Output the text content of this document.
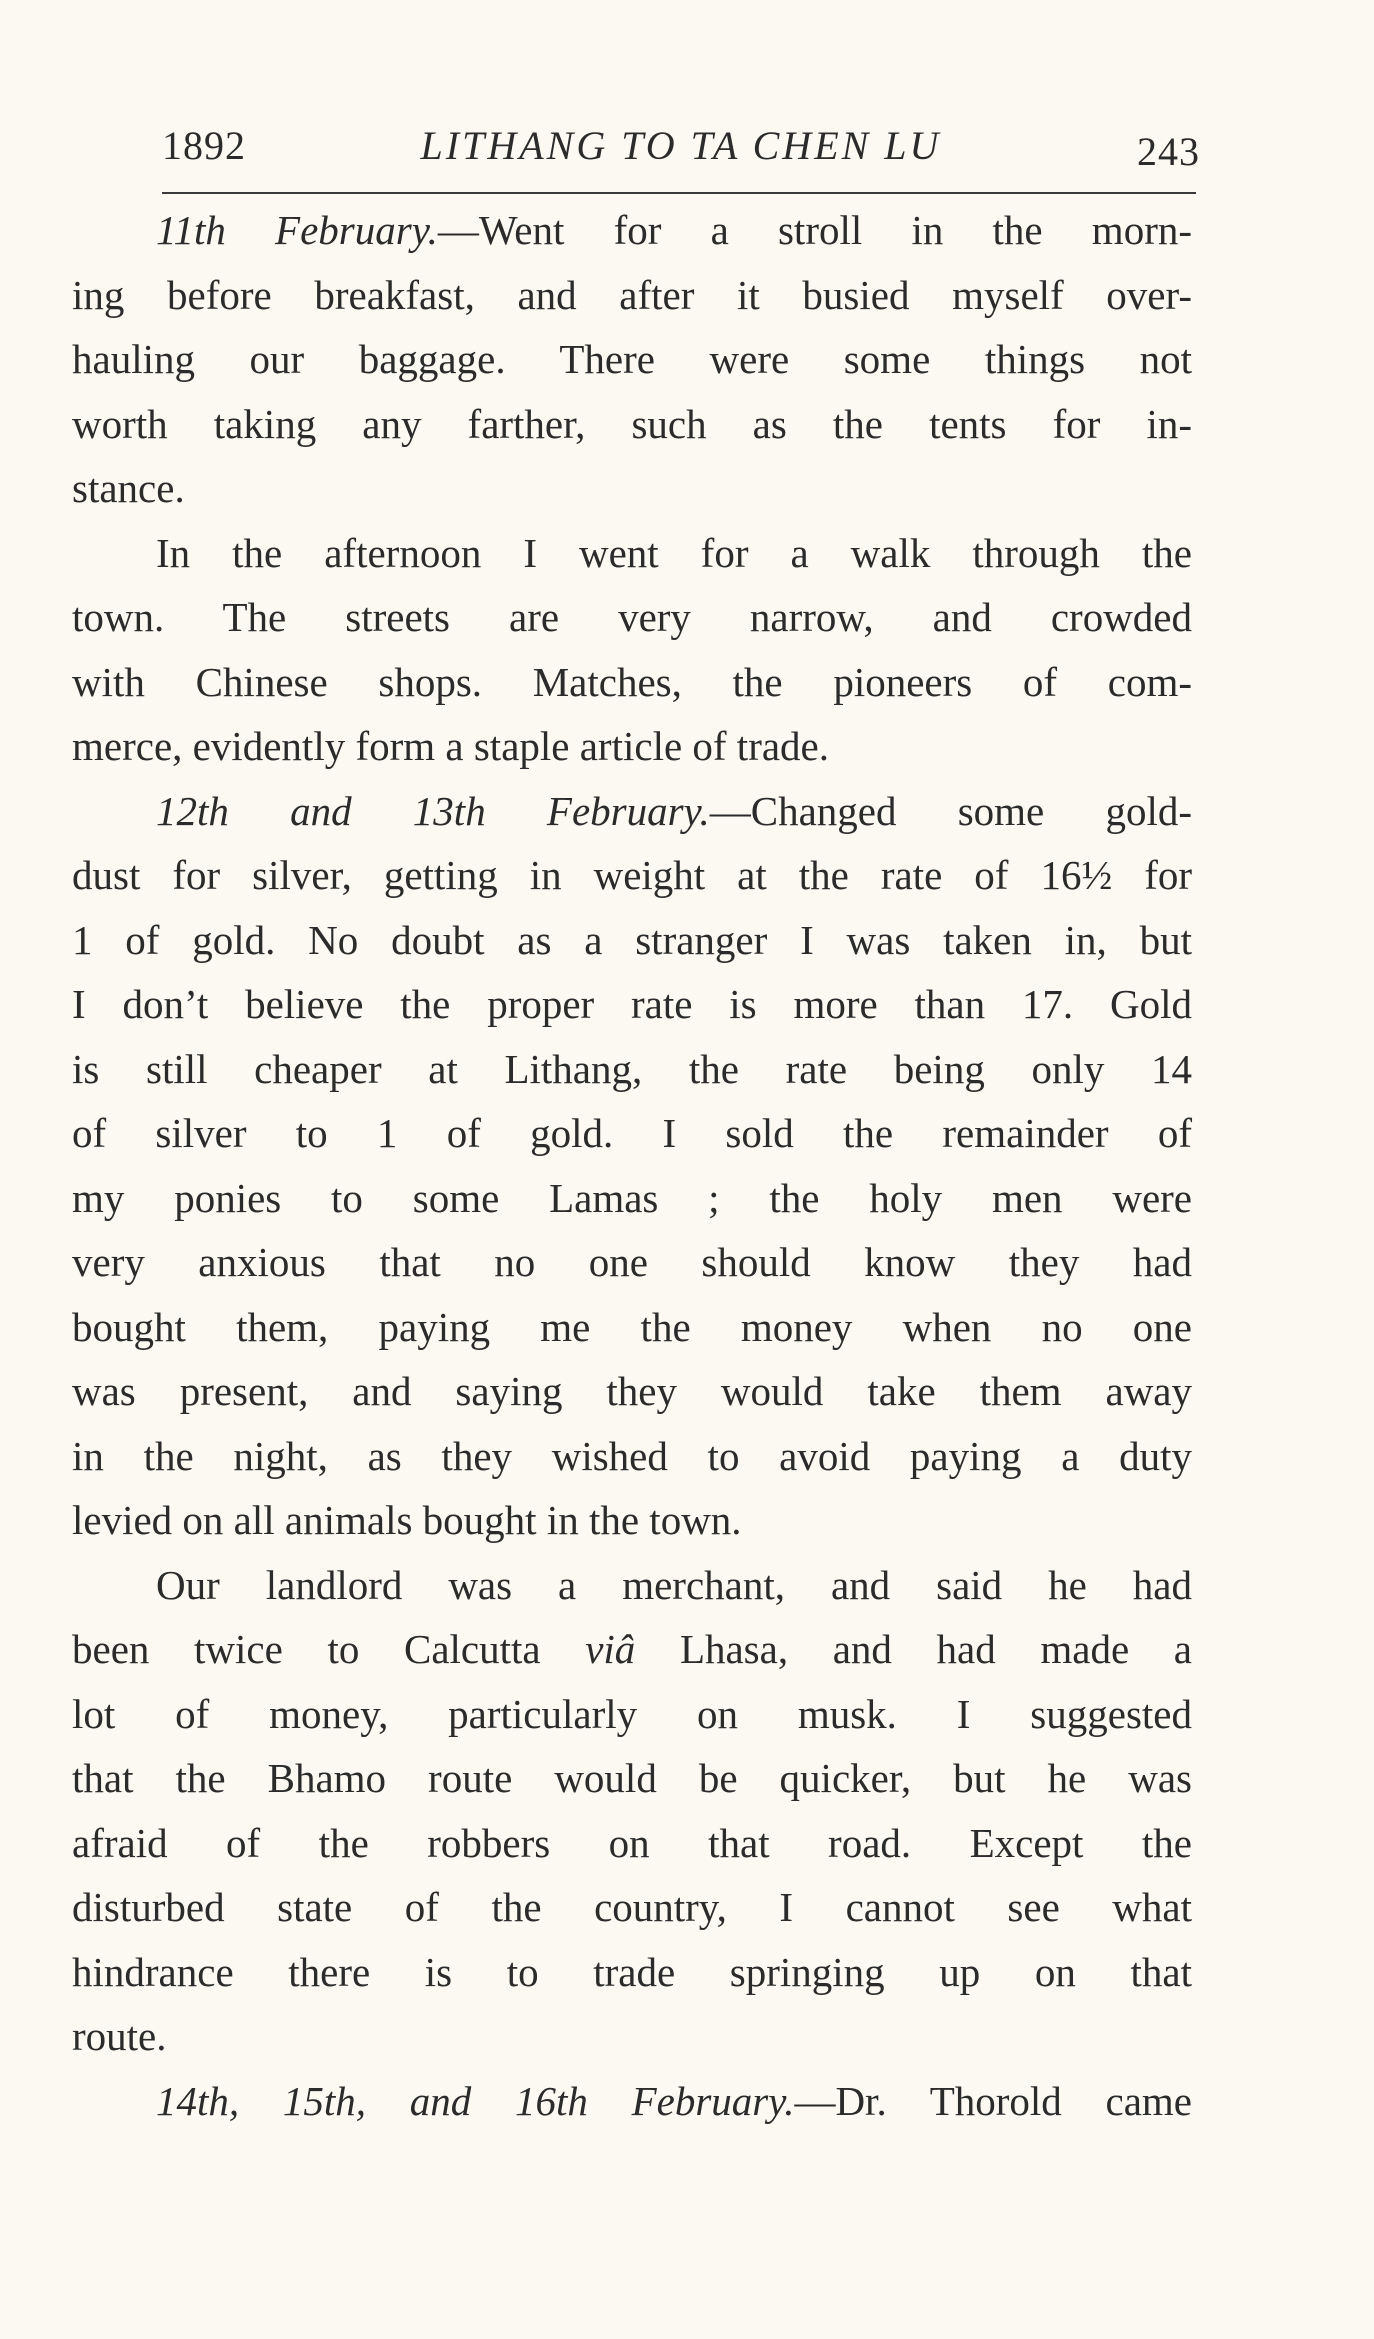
1892	LITHANG TO TA CHEN LU	243
11th February.—Went for a stroll in the morn-
ing before breakfast, and after it busied myself over-
hauling our baggage. There were some things not
worth taking any farther, such as the tents for in-
stance.
In the afternoon I went for a walk through the
town. The streets are very narrow, and crowded
with Chinese shops. Matches, the pioneers of com-
merce, evidently form a staple article of trade.
12th and 13th February.—Changed some gold-
dust for silver, getting in weight at the rate of 16½ for
1 of gold. No doubt as a stranger I was taken in, but
I don’t believe the proper rate is more than 17. Gold
is still cheaper at Lithang, the rate being only 14
of silver to 1 of gold. I sold the remainder of
my ponies to some Lamas ; the holy men were
very anxious that no one should know they had
bought them, paying me the money when no one
was present, and saying they would take them away
in the night, as they wished to avoid paying a duty
levied on all animals bought in the town.
Our landlord was a merchant, and said he had
been twice to Calcutta viâ Lhasa, and had made a
lot of money, particularly on musk. I suggested
that the Bhamo route would be quicker, but he was
afraid of the robbers on that road. Except the
disturbed state of the country, I cannot see what
hindrance there is to trade springing up on that
route.
14th, 15th, and 16th February.—Dr. Thorold came
